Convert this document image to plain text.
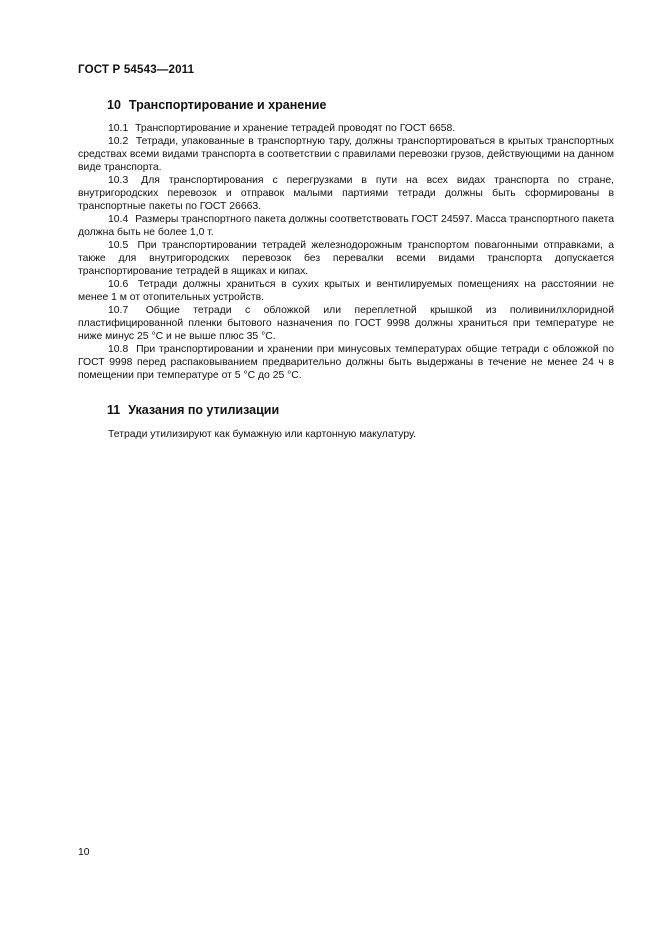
ГОСТ Р 54543—2011
10 Транспортирование и хранение

10.1 Транспортирование и хранение тетрадей проводят по ГОСТ 6658.

10.2 Тетради, упакованные в транспортную тару, должны транспортироваться в крытых транспортных средствах всеми видами транспорта в соответствии с правилами перевозки грузов, действующими на данном виде транспорта.

10.3 Для транспортирования с перегрузками в пути на всех видах транспорта по стране, внутригородских перевозок и отправок малыми партиями тетради должны быть сформированы в транспортные пакеты по ГОСТ 26663.

10.4 Размеры транспортного пакета должны соответствовать ГОСТ 24597. Масса транспортного пакета должна быть не более 1,0 т.

10.5 При транспортировании тетрадей железнодорожным транспортом повагонными отправками, а также для внутригородских перевозок без перевалки всеми видами транспорта допускается транспортирование тетрадей в ящиках и кипах.

10.6 Тетради должны храниться в сухих крытых и вентилируемых помещениях на расстоянии не менее 1 м от отопительных устройств.

10.7 Общие тетради с обложкой или переплетной крышкой из поливинилхлоридной пластифицированной пленки бытового назначения по ГОСТ 9998 должны храниться при температуре не ниже минус 25 °С и не выше плюс 35 °С.

10.8 При транспортировании и хранении при минусовых температурах общие тетради с обложкой по ГОСТ 9998 перед распаковыванием предварительно должны быть выдержаны в течение не менее 24 ч в помещении при температуре от 5 °С до 25 °С.

11 Указания по утилизации

Тетради утилизируют как бумажную или картонную макулатуру.

10
